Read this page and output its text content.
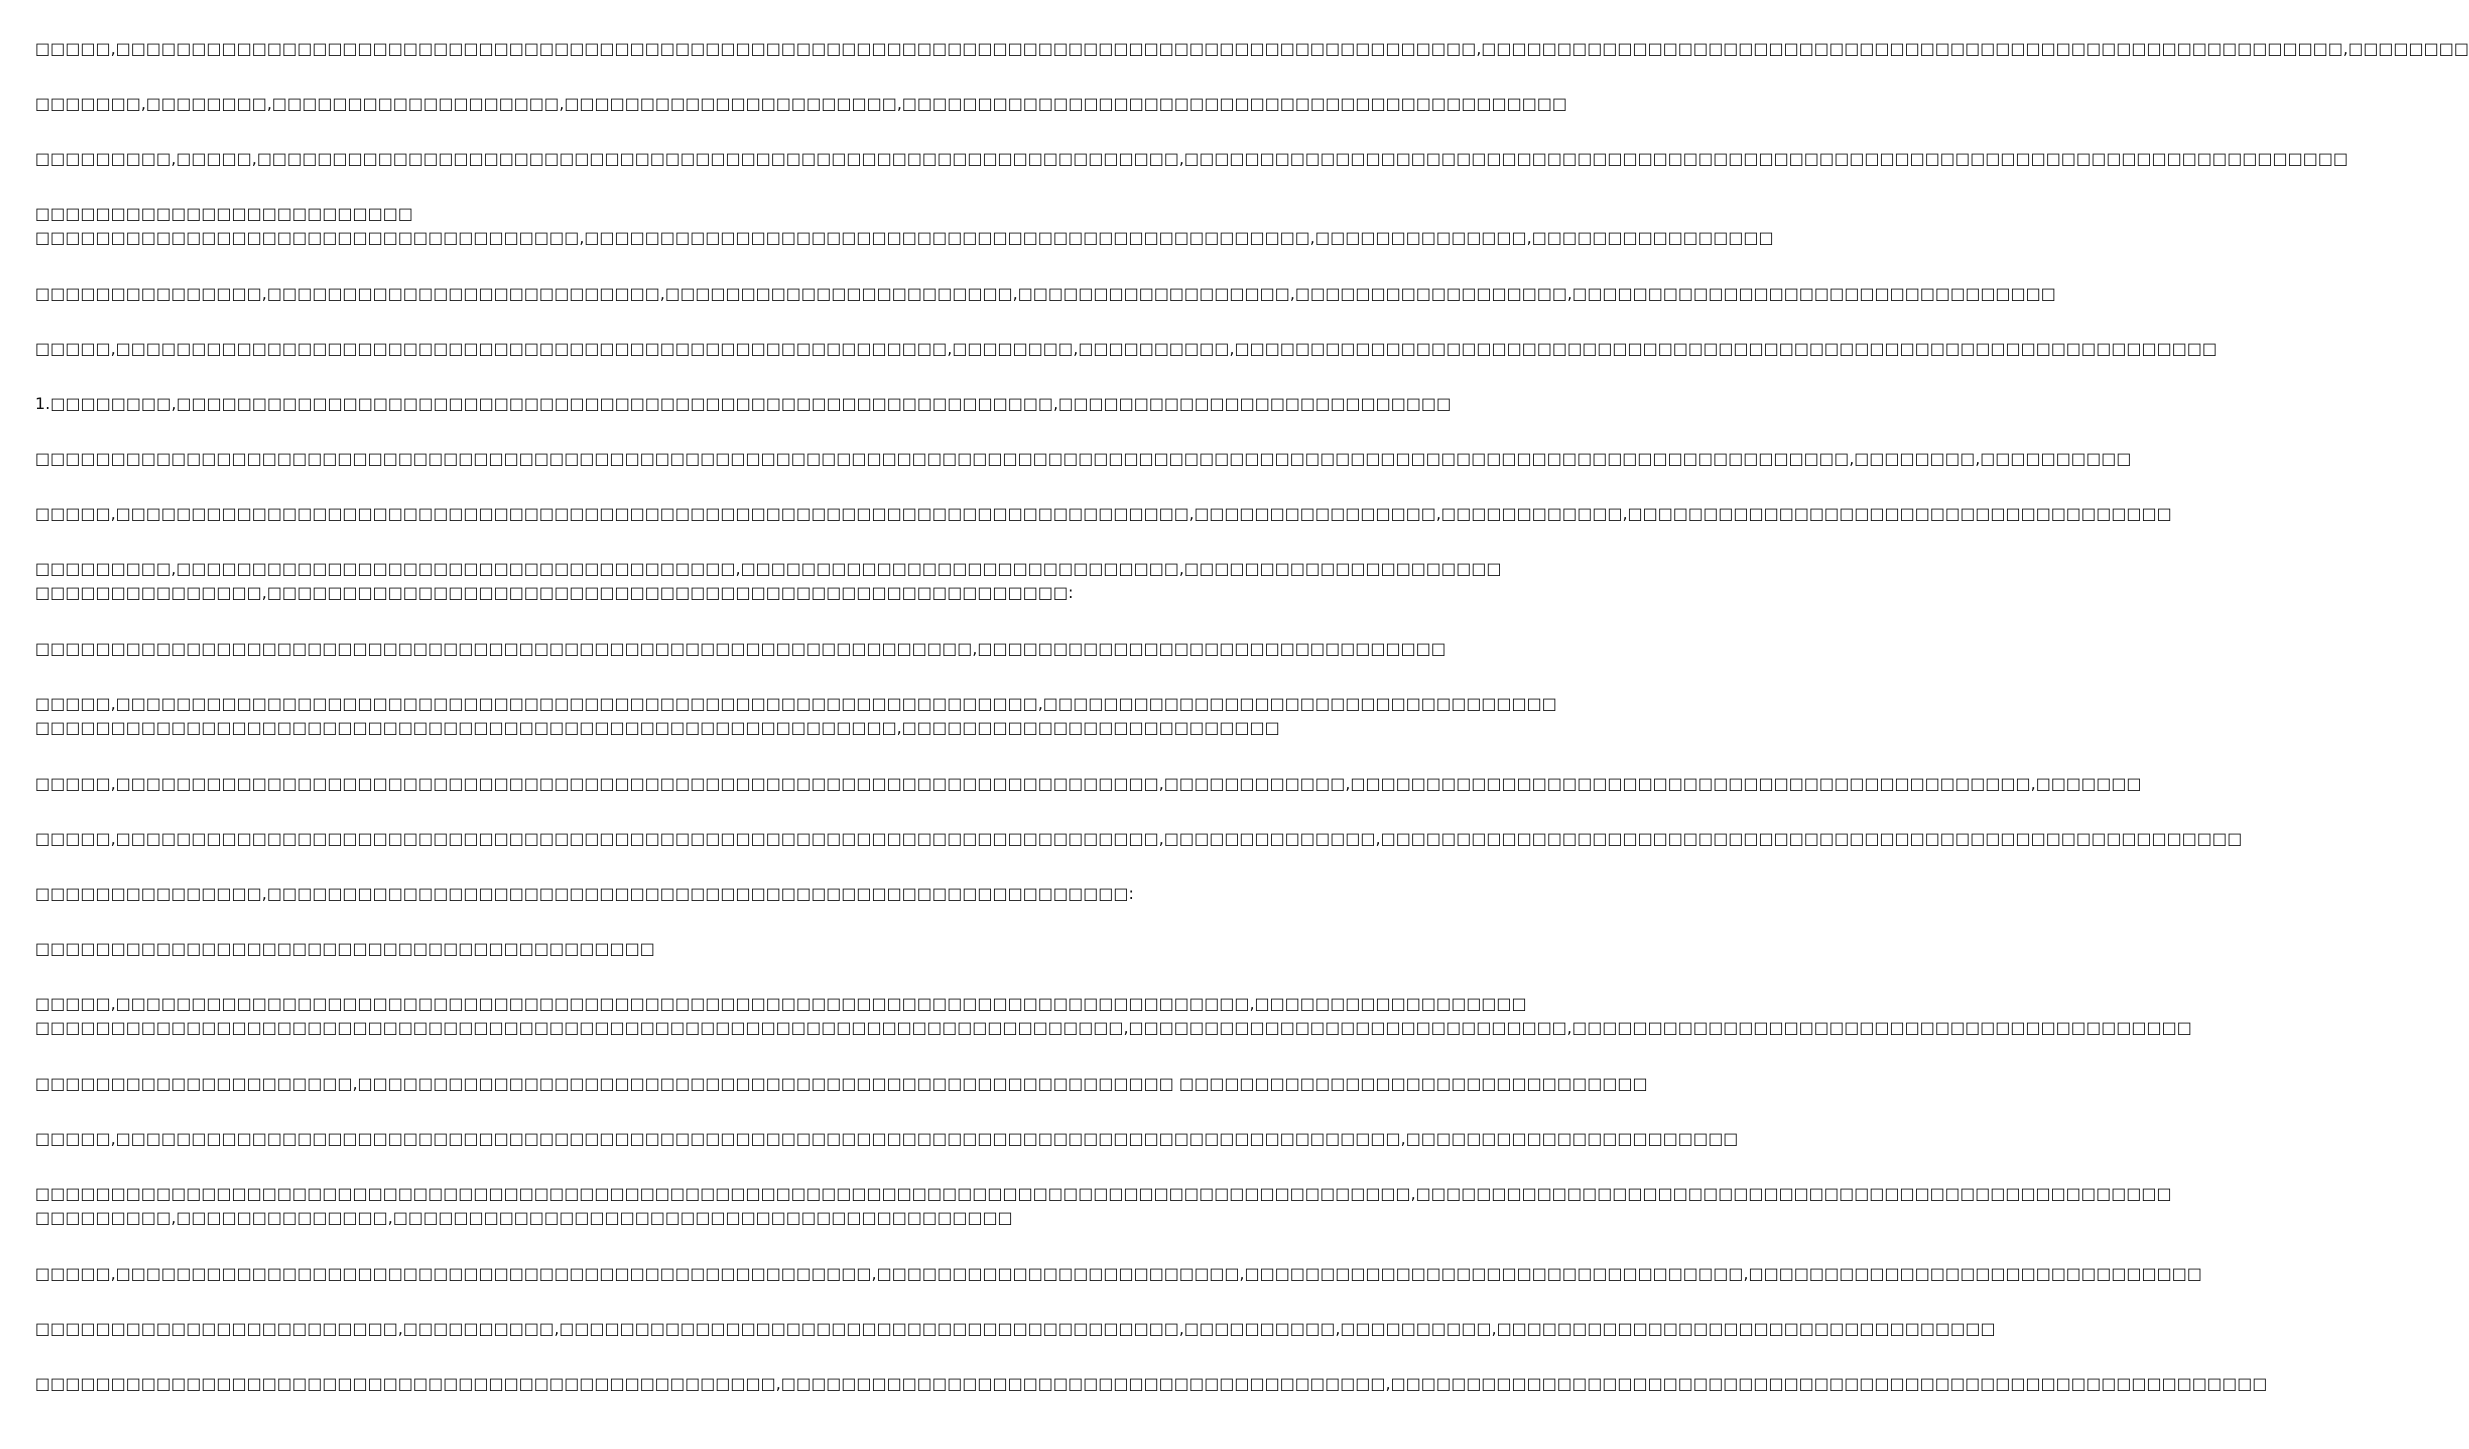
□□□□□,□□□□□□□□□□□□□□□□□□□□□□□□□□□□□□□□□□□□□□□□□□□□□□□□□□□□□□□□□□□□□□□□□□□□□□□□□□□□□□□□□□□□□□□□□□,□□□□□□□□□□□□□□□□□□□□□□□□□□□□□□□□□□□□□□□□□□□□□□□□□□□□□□□□□,□□□□□□□□
□□□□□□□,□□□□□□□□,□□□□□□□□□□□□□□□□□□□,□□□□□□□□□□□□□□□□□□□□□□,□□□□□□□□□□□□□□□□□□□□□□□□□□□□□□□□□□□□□□□□□□□□
□□□□□□□□□,□□□□□,□□□□□□□□□□□□□□□□□□□□□□□□□□□□□□□□□□□□□□□□□□□□□□□□□□□□□□□□□□□□□,□□□□□□□□□□□□□□□□□□□□□□□□□□□□□□□□□□□□□□□□□□□□□□□□□□□□□□□□□□□□□□□□□□□□□□□□□□□□□
□□□□□□□□□□□□□□□□□□□□□□□□□
□□□□□□□□□□□□□□□□□□□□□□□□□□□□□□□□□□□□,□□□□□□□□□□□□□□□□□□□□□□□□□□□□□□□□□□□□□□□□□□□□□□□□,□□□□□□□□□□□□□□,□□□□□□□□□□□□□□□□
□□□□□□□□□□□□□□□,□□□□□□□□□□□□□□□□□□□□□□□□□□,□□□□□□□□□□□□□□□□□□□□□□□,□□□□□□□□□□□□□□□□□□,□□□□□□□□□□□□□□□□□□,□□□□□□□□□□□□□□□□□□□□□□□□□□□□□□□□
□□□□□,□□□□□□□□□□□□□□□□□□□□□□□□□□□□□□□□□□□□□□□□□□□□□□□□□□□□□□□,□□□□□□□□,□□□□□□□□□□,□□□□□□□□□□□□□□□□□□□□□□□□□□□□□□□□□□□□□□□□□□□□□□□□□□□□□□□□□□□□□□□□□
1.□□□□□□□□,□□□□□□□□□□□□□□□□□□□□□□□□□□□□□□□□□□□□□□□□□□□□□□□□□□□□□□□□□□,□□□□□□□□□□□□□□□□□□□□□□□□□□
□□□□□□□□□□□□□□□□□□□□□□□□□□□□□□□□□□□□□□□□□□□□□□□□□□□□□□□□□□□□□□□□□□□□□□□□□□□□□□□□□□□□□□□□□□□□□□□□□□□□□□□□□□□□□□□□□□□□□□□□,□□□□□□□□,□□□□□□□□□□
□□□□□,□□□□□□□□□□□□□□□□□□□□□□□□□□□□□□□□□□□□□□□□□□□□□□□□□□□□□□□□□□□□□□□□□□□□□□□,□□□□□□□□□□□□□□□□,□□□□□□□□□□□□,□□□□□□□□□□□□□□□□□□□□□□□□□□□□□□□□□□□□
□□□□□□□□□,□□□□□□□□□□□□□□□□□□□□□□□□□□□□□□□□□□□□□,□□□□□□□□□□□□□□□□□□□□□□□□□□□□□,□□□□□□□□□□□□□□□□□□□□□
□□□□□□□□□□□□□□□,□□□□□□□□□□□□□□□□□□□□□□□□□□□□□□□□□□□□□□□□□□□□□□□□□□□□□:
□□□□□□□□□□□□□□□□□□□□□□□□□□□□□□□□□□□□□□□□□□□□□□□□□□□□□□□□□□□□□□,□□□□□□□□□□□□□□□□□□□□□□□□□□□□□□□
□□□□□,□□□□□□□□□□□□□□□□□□□□□□□□□□□□□□□□□□□□□□□□□□□□□□□□□□□□□□□□□□□□□,□□□□□□□□□□□□□□□□□□□□□□□□□□□□□□□□□□
□□□□□□□□□□□□□□□□□□□□□□□□□□□□□□□□□□□□□□□□□□□□□□□□□□□□□□□□□,□□□□□□□□□□□□□□□□□□□□□□□□□
□□□□□,□□□□□□□□□□□□□□□□□□□□□□□□□□□□□□□□□□□□□□□□□□□□□□□□□□□□□□□□□□□□□□□□□□□□□,□□□□□□□□□□□□,□□□□□□□□□□□□□□□□□□□□□□□□□□□□□□□□□□□□□□□□□□□□□,□□□□□□□
□□□□□,□□□□□□□□□□□□□□□□□□□□□□□□□□□□□□□□□□□□□□□□□□□□□□□□□□□□□□□□□□□□□□□□□□□□□,□□□□□□□□□□□□□□,□□□□□□□□□□□□□□□□□□□□□□□□□□□□□□□□□□□□□□□□□□□□□□□□□□□□□□□□□
□□□□□□□□□□□□□□□,□□□□□□□□□□□□□□□□□□□□□□□□□□□□□□□□□□□□□□□□□□□□□□□□□□□□□□□□□:
□□□□□□□□□□□□□□□□□□□□□□□□□□□□□□□□□□□□□□□□□
□□□□□,□□□□□□□□□□□□□□□□□□□□□□□□□□□□□□□□□□□□□□□□□□□□□□□□□□□□□□□□□□□□□□□□□□□□□□□□□□□,□□□□□□□□□□□□□□□□□□
□□□□□□□□□□□□□□□□□□□□□□□□□□□□□□□□□□□□□□□□□□□□□□□□□□□□□□□□□□□□□□□□□□□□□□□□,□□□□□□□□□□□□□□□□□□□□□□□□□□□□□,□□□□□□□□□□□□□□□□□□□□□□□□□□□□□□□□□□□□□□□□□
□□□□□□□□□□□□□□□□□□□□□,□□□□□□□□□□□□□□□□□□□□□□□□□□□□□□□□□□□□□□□□□□□□□□□□□□□□□□ □□□□□□□□□□□□□□□□□□□□□□□□□□□□□□□
□□□□□,□□□□□□□□□□□□□□□□□□□□□□□□□□□□□□□□□□□□□□□□□□□□□□□□□□□□□□□□□□□□□□□□□□□□□□□□□□□□□□□□□□□□□,□□□□□□□□□□□□□□□□□□□□□□
□□□□□□□□□□□□□□□□□□□□□□□□□□□□□□□□□□□□□□□□□□□□□□□□□□□□□□□□□□□□□□□□□□□□□□□□□□□□□□□□□□□□□□□□□□□,□□□□□□□□□□□□□□□□□□□□□□□□□□□□□□□□□□□□□□□□□□□□□□□□□□
□□□□□□□□□,□□□□□□□□□□□□□□,□□□□□□□□□□□□□□□□□□□□□□□□□□□□□□□□□□□□□□□□□
□□□□□,□□□□□□□□□□□□□□□□□□□□□□□□□□□□□□□□□□□□□□□□□□□□□□□□□□,□□□□□□□□□□□□□□□□□□□□□□□□,□□□□□□□□□□□□□□□□□□□□□□□□□□□□□□□□□,□□□□□□□□□□□□□□□□□□□□□□□□□□□□□□
□□□□□□□□□□□□□□□□□□□□□□□□,□□□□□□□□□□,□□□□□□□□□□□□□□□□□□□□□□□□□□□□□□□□□□□□□□□□□,□□□□□□□□□□,□□□□□□□□□□,□□□□□□□□□□□□□□□□□□□□□□□□□□□□□□□□□
□□□□□□□□□□□□□□□□□□□□□□□□□□□□□□□□□□□□□□□□□□□□□□□□□,□□□□□□□□□□□□□□□□□□□□□□□□□□□□□□□□□□□□□□□□,□□□□□□□□□□□□□□□□□□□□□□□□□□□□□□□□□□□□□□□□□□□□□□□□□□□□□□□□□□
